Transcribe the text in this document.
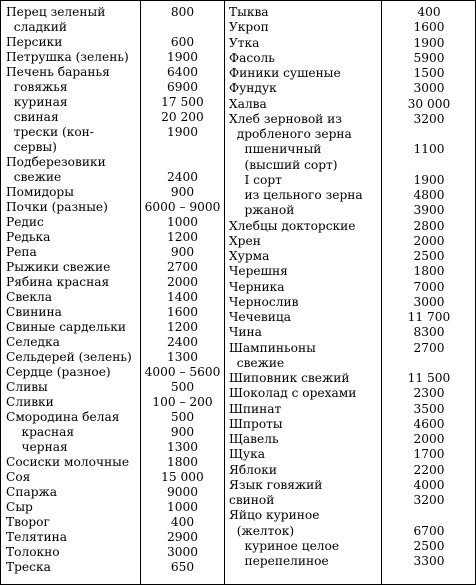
Перец зеленый	800
сладкий
Персики	600
Петрушка (зелень)	1900
Печень баранья	6400
говяжья	6900
куриная	17 500
свиная	20 200
трески (кон-	1900
сервы)
Подберезовики
свежие	2400
Помидоры	900
Почки (разные)	6000 – 9000
Редис	1000
Редька	1200
Репа	900
Рыжики свежие	2700
Рябина красная	2000
Свекла	1400
Свинина	1600
Свиные сардельки	1200
Селедка	2400
Сельдерей (зелень)	1300
Сердце (разное)	4000 – 5600
Сливы	500
Сливки	100 – 200
Смородина белая	500
красная	900
черная	1300
Сосиски молочные	1800
Соя	15 000
Спаржа	9000
Сыр	1000
Творог	400
Телятина	2900
Толокно	3000
Треска	650
Тыква	400
Укроп	1600
Утка	1900
Фасоль	5900
Финики сушеные	1500
Фундук	3000
Халва	30 000
Хлеб зерновой из	3200
дробленого зерна
пшеничный	1100
(высший сорт)
I сорт	1900
из цельного зерна	4800
ржаной	3900
Хлебцы докторские	2800
Хрен	2000
Хурма	2500
Черешня	1800
Черника	7000
Чернослив	3000
Чечевица	11 700
Чина	8300
Шампиньоны	2700
свежие
Шиповник свежий	11 500
Шоколад с орехами	2300
Шпинат	3500
Шпроты	4600
Щавель	2000
Щука	1700
Яблоки	2200
Язык говяжий	4000
свиной	3200
Яйцо куриное
(желток)	6700
куриное целое	2500
перепелиное	3300
